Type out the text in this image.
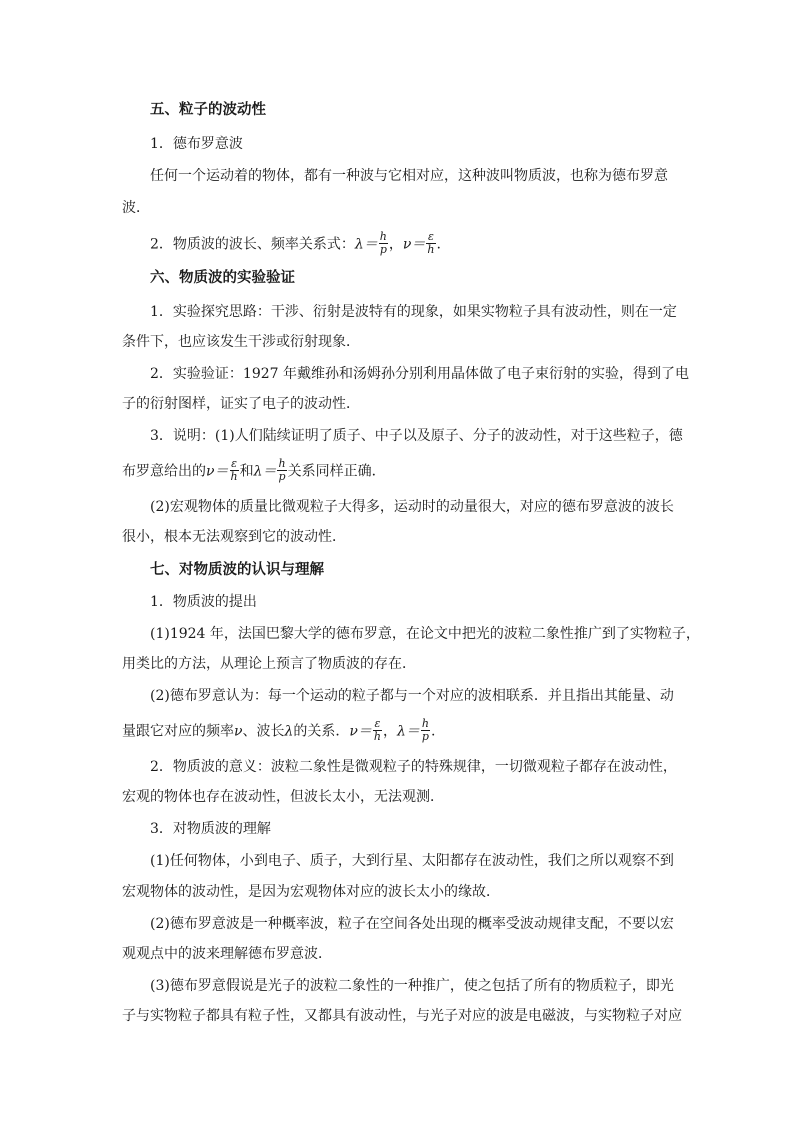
五、粒子的波动性
1．德布罗意波
任何一个运动着的物体，都有一种波与它相对应，这种波叫物质波，也称为德布罗意
波．
2．物质波的波长、频率关系式：$\lambda= \frac{h}{p}$ ，$\nu= \frac{\varepsilon}{h}$ .
六、物质波的实验验证
1．实验探究思路：干涉、衍射是波特有的现象，如果实物粒子具有波动性，则在一定
条件下，也应该发生干涉或衍射现象．
2．实验验证：1927 年戴维孙和汤姆孙分别利用晶体做了电子束衍射的实验，得到了电
子的衍射图样，证实了电子的波动性．
3．说明：(1)人们陆续证明了质子、中子以及原子、分子的波动性，对于这些粒子，德
布罗意给出的$\nu= \frac{\varepsilon}{h}$ 和$\lambda= \frac{h}{p}$ 关系同样正确．
(2)宏观物体的质量比微观粒子大得多，运动时的动量很大，对应的德布罗意波的波长
很小，根本无法观察到它的波动性．
七、对物质波的认识与理解
1．物质波的提出
(1)1924 年，法国巴黎大学的德布罗意，在论文中把光的波粒二象性推广到了实物粒子，
用类比的方法，从理论上预言了物质波的存在．
(2)德布罗意认为：每一个运动的粒子都与一个对应的波相联系．并且指出其能量、动
量跟它对应的频率ν、波长λ的关系．$\nu= \frac{\varepsilon}{h}$ ，$\lambda= \frac{h}{p}$ .
2．物质波的意义：波粒二象性是微观粒子的特殊规律，一切微观粒子都存在波动性，
宏观的物体也存在波动性，但波长太小，无法观测．
3．对物质波的理解
(1)任何物体，小到电子、质子，大到行星、太阳都存在波动性，我们之所以观察不到
宏观物体的波动性，是因为宏观物体对应的波长太小的缘故．
(2)德布罗意波是一种概率波，粒子在空间各处出现的概率受波动规律支配，不要以宏
观观点中的波来理解德布罗意波．
(3)德布罗意假说是光子的波粒二象性的一种推广，使之包括了所有的物质粒子，即光
子与实物粒子都具有粒子性，又都具有波动性，与光子对应的波是电磁波，与实物粒子对应
